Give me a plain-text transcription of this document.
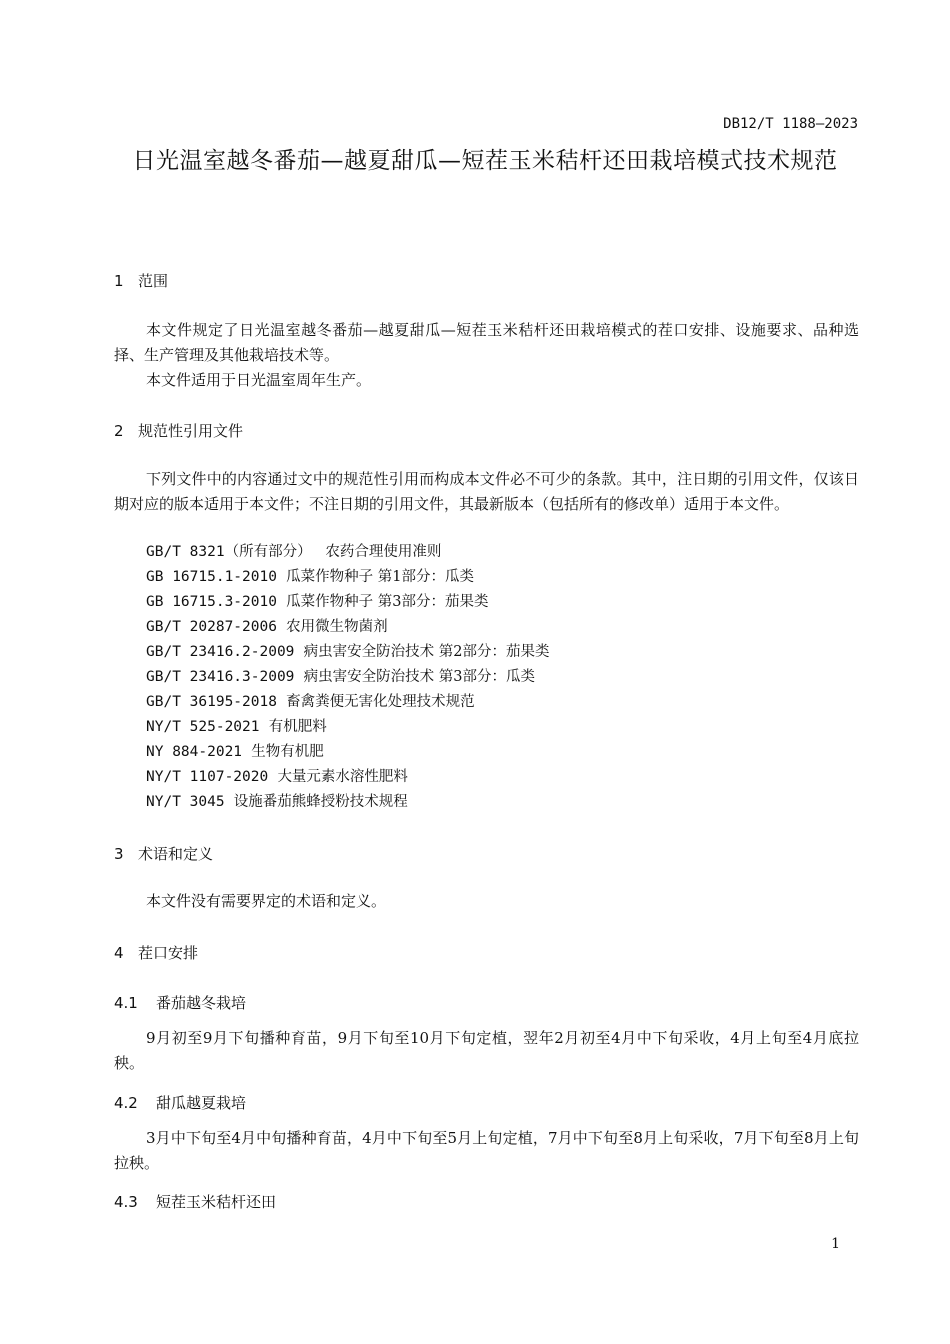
DB12/T 1188—2023
日光温室越冬番茄—越夏甜瓜—短茬玉米秸杆还田栽培模式技术规范
1 范围
本文件规定了日光温室越冬番茄—越夏甜瓜—短茬玉米秸杆还田栽培模式的茬口安排、设施要求、品种选择、生产管理及其他栽培技术等。
本文件适用于日光温室周年生产。
2 规范性引用文件
下列文件中的内容通过文中的规范性引用而构成本文件必不可少的条款。其中，注日期的引用文件，仅该日期对应的版本适用于本文件；不注日期的引用文件，其最新版本（包括所有的修改单）适用于本文件。
GB/T 8321（所有部分） 农药合理使用准则
GB 16715.1-2010 瓜菜作物种子 第1部分：瓜类
GB 16715.3-2010 瓜菜作物种子 第3部分：茄果类
GB/T 20287-2006 农用微生物菌剂
GB/T 23416.2-2009 病虫害安全防治技术 第2部分：茄果类
GB/T 23416.3-2009 病虫害安全防治技术 第3部分：瓜类
GB/T 36195-2018 畜禽粪便无害化处理技术规范
NY/T 525-2021 有机肥料
NY 884-2021 生物有机肥
NY/T 1107-2020 大量元素水溶性肥料
NY/T 3045 设施番茄熊蜂授粉技术规程
3 术语和定义
本文件没有需要界定的术语和定义。
4 茬口安排
4.1 番茄越冬栽培
9月初至9月下旬播种育苗，9月下旬至10月下旬定植，翌年2月初至4月中下旬采收，4月上旬至4月底拉秧。
4.2 甜瓜越夏栽培
3月中下旬至4月中旬播种育苗，4月中下旬至5月上旬定植，7月中下旬至8月上旬采收，7月下旬至8月上旬拉秧。
4.3 短茬玉米秸杆还田
1
